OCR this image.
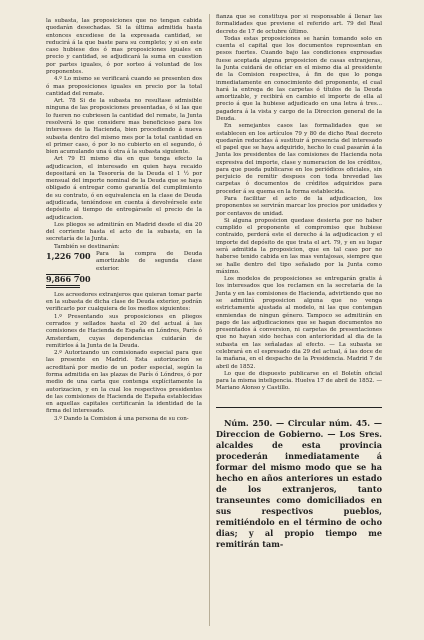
la subasta, las proposiciones que no tengan cabida quedarán desechadas. Si la última admitida hasta entonces excediese de la expresada cantidad, se reducirá á la que baste para su completo; y si en este caso hubiese dos ó mas proposiciones iguales en precio y cantidad, se adjudicará la suma en cuestion por partes iguales, ó por sorteo á voluntad de los proponentes.

4.º Lo mismo se verificará cuando se presenten dos ó mas proposiciones iguales en precio por la total cantidad del remate.

Art. 78 Si de la subasta no resultase admisible ninguna de las proposiciones presentadas, ó si las que lo fueren no cubriesen la cantidad del remate, la Junta resolverá lo que considere mas beneficioso para los intereses de la Hacienda, bien procediendo á nueva subasta dentro del mismo mes por la total cantidad en el primer caso, ó por lo no cubierto en el segundo, ó bien acumulando una ú otra á la subasta siguiente.

Art 79 El mismo dia en que tenga efecto la adjudicacion, el interesado en quien haya recaido depositará en la Tesorería de la Deuda el 1 ½ por mensual del importe nominal de la Deuda que se haya obligado á entregar como garantía del cumplimiento de su contrato, ó en equivalencia en la clase de Deuda adjudicada, teniéndose en cuenta á devolvérsele este depósito al tiempo de entregársele el precio de la adjudicacion.

Los pliegos se admitirán en Madrid desde el dia 20 del corriente hasta el acto de la subasta, en la secretaría de la Junta.

También se destinarán:

1,226 700 Para la compra de Deuda amortizable de segunda clase exterior.

9,866 700

Los acreedores extranjeros que quieran tomar parte en la subasta de dicha clase de Deuda exterior, podrán verificarlo por cualquiera de los medios siguientes:

1.º Presentando sus proposiciones en pliegos cerrados y sellados hasta el 20 del actual á las comisiones de Hacienda de España en Lóndres, París ó Amsterdam, cuyas dependencias cuidarán de remitirlos á la Junta de la Deuda.

2.º Autorizando un comisionado especial para que las presente en Madrid. Esta autorizacion se acreditará por medio de un poder especial, según la forma admitida en las plazas de París ó Lóndres, ó por medio de una carta que contenga explícitamente la autorizacion, y en la cual los respectivos presidentes de las comisiones de Hacienda de España establecidas en aquellas capitales certificarán la identidad de la firma del interesado.

3.º Dando la Comision á una persona de su con-

fianza que se constituya por si responsable á llenar las formalidades que previene el referido art. 79 del Real decreto de 17 de octubre último.

Todas estas proposiciones se harán tomando solo en cuenta el capital que los documentos representan en pesos fuertes. Cuando bajo las condiciones expresadas fuese aceptada alguna proposicion de casas extranjeras, la Junta cuidará de oficiar en el mismo dia al presidente de la Comision respectiva, á fin de que lo ponga inmediatamente en conocimiento del proponente, el cual hará la entrega de las carpetas ó títulos de la Deuda amortizable, y recibirá en cambio el importe de ella al precio á que la hubiese adjudicado en una letra á tres... pagadera á la vista y cargo de la Direccion general de la Deuda.

En semejantes casos las formalidades que se establecen en los artículos 79 y 80 de dicho Real decreto quedarán reducidas á sustituir á presencia del interesado el papel que se haya adquirido, hecho lo cual pasarán á la Junta los presidentes de las comisiones de Hacienda nota expresiva del importe, clase y numeracion de los créditos, para que pueda publicarse en los periódicos oficiales, sin perjuicio de remitir despues con toda brevedad las carpetas ó documentos de créditos adquiridos para proceder á su quema en la forma establecida.

Para facilitar el acto de la adjudicacion, los proponentes se servirán marcar los precios por unidades y por centavos de unidad.

Si alguna proposicion quedase desierta por no haber cumplido el proponente el compromiso que hubiese contraido, perderá este el derecho á la adjudicacion y el importe del depósito de que trata el art. 79, y en su lugar será admitida la proposicion, que en tal caso por no haberse tenido cabida en las mas ventajosas, siempre que se halle dentro del tipo señalado por la Junta como máximo.

Los modelos de proposiciones se entregarán gratis á los interesados que los reclamen en la secretaría de la Junta y en las comisiones de Hacienda, advirtiendo que no se admitirá proposicion alguna que no venga estrictamente ajustada al modelo, ni las que contengan enmiendas de ningun género. Tampoco se admitirán en pago de las adjudicaciones que se hagan documentos no presentados á conversion, ni carpetas de presentaciones que no hayan sido hechas con anterioridad al dia de la subasta en las señaladas al efecto. — La subasta se celebrará en el espresado dia 29 del actual, á las doce de la mañana, en el despacho de la Presidencia. Madrid 7 de abril de 1852.

Lo que de dispuesto publicarse en el Boletín oficial para la misma inteligencia. Huelva 17 de abril de 1852. — Mariano Alonso y Castillo.

Núm. 250. — Circular núm. 45. — Direccion de Gobierno. — Los Sres. alcaldes de esta provincia procederán inmediatamente á formar del mismo modo que se ha hecho en años anteriores un estado de los extranjeros, tanto transeuntes como domiciliados en sus respectivos pueblos, remitiéndolo en el término de ocho dias; y al propio tiempo me remitirán tam-
